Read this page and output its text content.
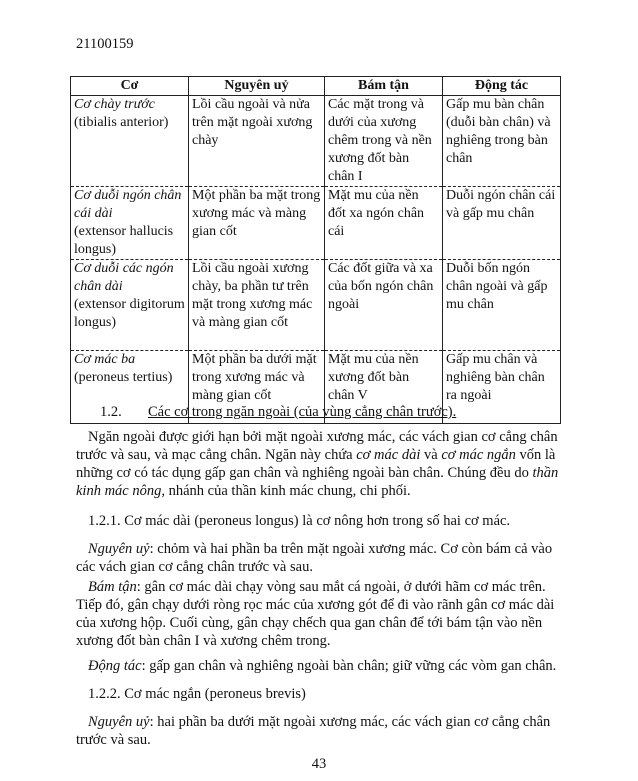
21100159
Cơ	Nguyên uỷ	Bám tận	Động tác
Cơ chày trước
(tibialis anterior)	Lồi cầu ngoài và nửa trên mặt ngoài xương chày	Các mặt trong và dưới của xương chêm trong và nền xương đốt bàn chân I	Gấp mu bàn chân (duỗi bàn chân) và nghiêng trong bàn chân
Cơ duỗi ngón chân cái dài
(extensor hallucis longus)	Một phần ba mặt trong xương mác và màng gian cốt	Mặt mu của nền đốt xa ngón chân cái	Duỗi ngón chân cái và gấp mu chân
Cơ duỗi các ngón chân dài
(extensor digitorum longus)	Lồi cầu ngoài xương chày, ba phần tư trên mặt trong xương mác và màng gian cốt	Các đốt giữa và xa của bốn ngón chân ngoài	Duỗi bốn ngón chân ngoài và gấp mu chân
Cơ mác ba
(peroneus tertius)	Một phần ba dưới mặt trong xương mác và màng gian cốt	Mặt mu của nền xương đốt bàn chân V	Gấp mu chân và nghiêng bàn chân ra ngoài
1.2. Các cơ trong ngăn ngoài (của vùng cẳng chân trước).

Ngăn ngoài được giới hạn bởi mặt ngoài xương mác, các vách gian cơ cẳng chân trước và sau, và mạc cẳng chân. Ngăn này chứa cơ mác dài và cơ mác ngắn vốn là những cơ có tác dụng gấp gan chân và nghiêng ngoài bàn chân. Chúng đều do thần kinh mác nông, nhánh của thần kinh mác chung, chi phối.

1.2.1. Cơ mác dài (peroneus longus) là cơ nông hơn trong số hai cơ mác.

Nguyên uỷ: chỏm và hai phần ba trên mặt ngoài xương mác. Cơ còn bám cả vào các vách gian cơ cẳng chân trước và sau.

Bám tận: gân cơ mác dài chạy vòng sau mắt cá ngoài, ở dưới hãm cơ mác trên. Tiếp đó, gân chạy dưới ròng rọc mác của xương gót để đi vào rãnh gân cơ mác dài của xương hộp. Cuối cùng, gân chạy chếch qua gan chân để tới bám tận vào nền xương đốt bàn chân I và xương chêm trong.

Động tác: gấp gan chân và nghiêng ngoài bàn chân; giữ vững các vòm gan chân.

1.2.2. Cơ mác ngắn (peroneus brevis)

Nguyên uỷ: hai phần ba dưới mặt ngoài xương mác, các vách gian cơ cẳng chân trước và sau.

43
